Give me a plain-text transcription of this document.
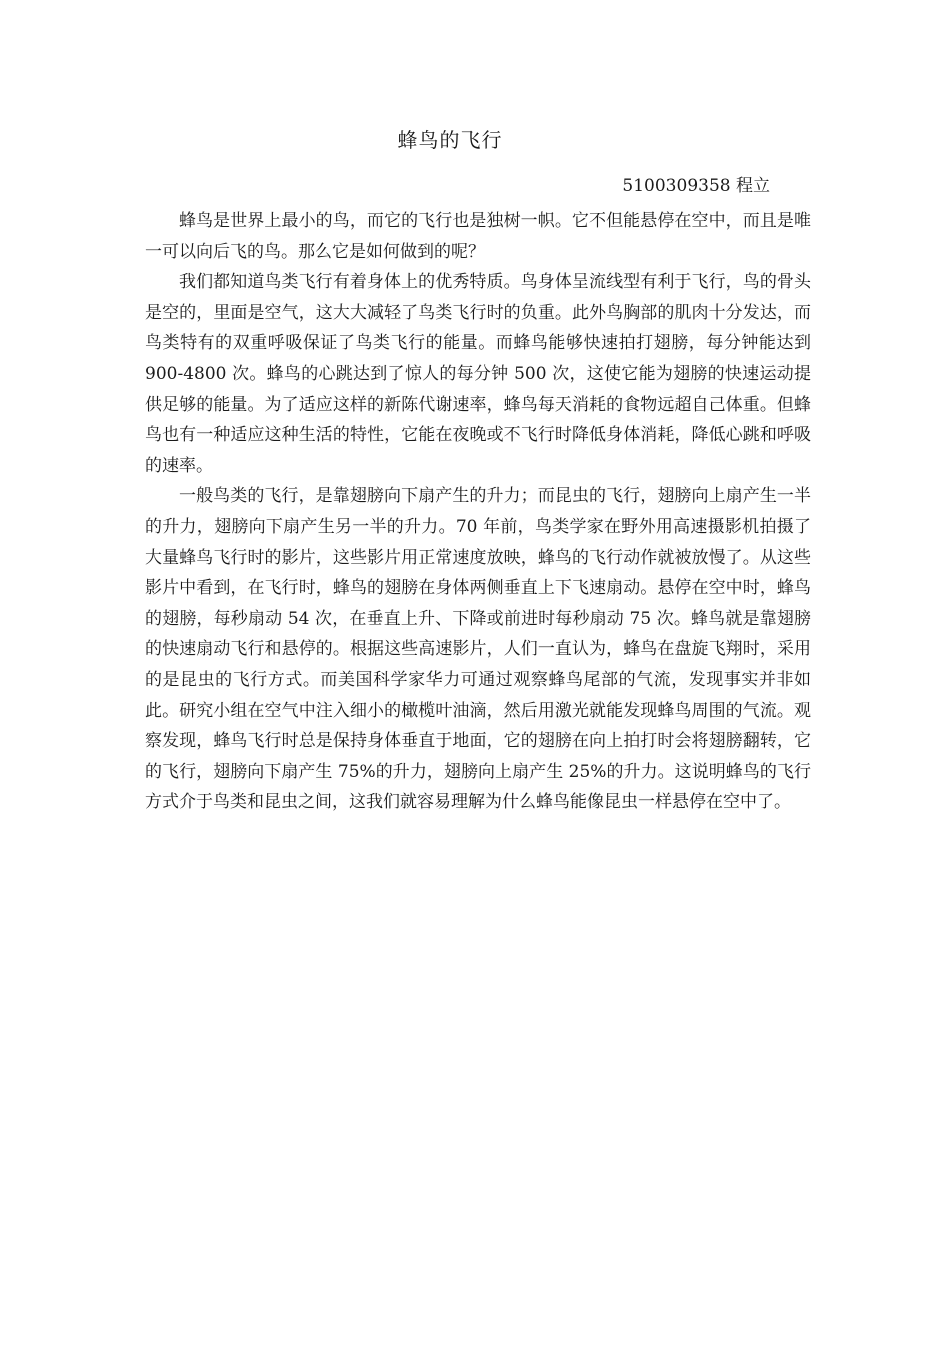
蜂鸟的飞行
5100309358 程立

蜂鸟是世界上最小的鸟，而它的飞行也是独树一帜。它不但能悬停在空中，而且是唯一可以向后飞的鸟。那么它是如何做到的呢？

我们都知道鸟类飞行有着身体上的优秀特质。鸟身体呈流线型有利于飞行，鸟的骨头是空的，里面是空气，这大大减轻了鸟类飞行时的负重。此外鸟胸部的肌肉十分发达，而鸟类特有的双重呼吸保证了鸟类飞行的能量。而蜂鸟能够快速拍打翅膀，每分钟能达到 900-4800 次。蜂鸟的心跳达到了惊人的每分钟 500 次，这使它能为翅膀的快速运动提供足够的能量。为了适应这样的新陈代谢速率，蜂鸟每天消耗的食物远超自己体重。但蜂鸟也有一种适应这种生活的特性，它能在夜晚或不飞行时降低身体消耗，降低心跳和呼吸的速率。

一般鸟类的飞行，是靠翅膀向下扇产生的升力；而昆虫的飞行，翅膀向上扇产生一半的升力，翅膀向下扇产生另一半的升力。70 年前，鸟类学家在野外用高速摄影机拍摄了大量蜂鸟飞行时的影片，这些影片用正常速度放映，蜂鸟的飞行动作就被放慢了。从这些影片中看到，在飞行时，蜂鸟的翅膀在身体两侧垂直上下飞速扇动。悬停在空中时，蜂鸟的翅膀，每秒扇动 54 次，在垂直上升、下降或前进时每秒扇动 75 次。蜂鸟就是靠翅膀的快速扇动飞行和悬停的。根据这些高速影片，人们一直认为，蜂鸟在盘旋飞翔时，采用的是昆虫的飞行方式。而美国科学家华力可通过观察蜂鸟尾部的气流，发现事实并非如此。研究小组在空气中注入细小的橄榄叶油滴，然后用激光就能发现蜂鸟周围的气流。观察发现，蜂鸟飞行时总是保持身体垂直于地面，它的翅膀在向上拍打时会将翅膀翻转，它的飞行，翅膀向下扇产生 75%的升力，翅膀向上扇产生 25%的升力。这说明蜂鸟的飞行方式介于鸟类和昆虫之间，这我们就容易理解为什么蜂鸟能像昆虫一样悬停在空中了。
